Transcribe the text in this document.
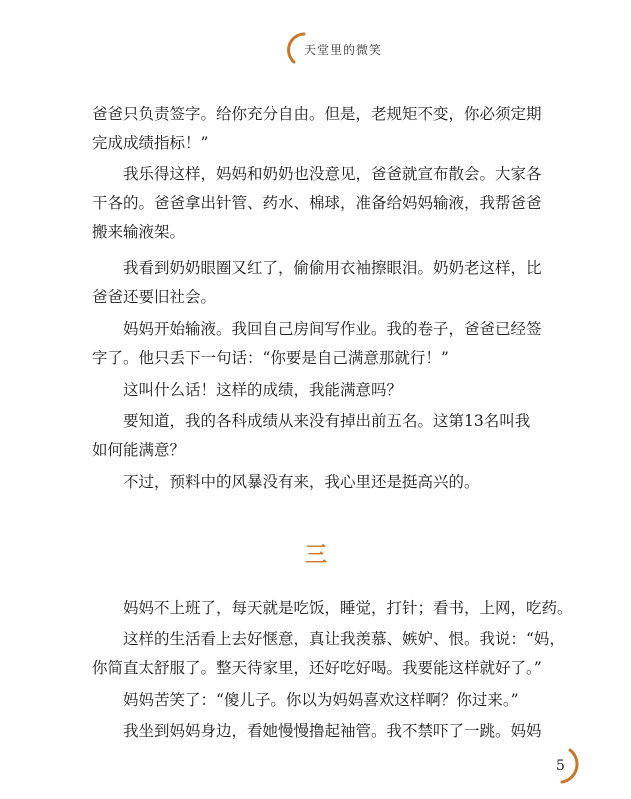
天堂里的微笑

爸爸只负责签字。给你充分自由。但是，老规矩不变，你必须定期

完成成绩指标！”

我乐得这样，妈妈和奶奶也没意见，爸爸就宣布散会。大家各

干各的。爸爸拿出针管、药水、棉球，准备给妈妈输液，我帮爸爸

搬来输液架。

我看到奶奶眼圈又红了，偷偷用衣袖擦眼泪。奶奶老这样，比

爸爸还要旧社会。

妈妈开始输液。我回自己房间写作业。我的卷子，爸爸已经签

字了。他只丢下一句话：“你要是自己满意那就行！”

这叫什么话！这样的成绩，我能满意吗？

要知道，我的各科成绩从来没有掉出前五名。这第13名叫我

如何能满意？

不过，预料中的风暴没有来，我心里还是挺高兴的。

三

妈妈不上班了，每天就是吃饭，睡觉，打针；看书，上网，吃药。

这样的生活看上去好惬意，真让我羡慕、嫉妒、恨。我说：“妈，

你简直太舒服了。整天待家里，还好吃好喝。我要能这样就好了。”

妈妈苦笑了：“傻儿子。你以为妈妈喜欢这样啊？你过来。”

我坐到妈妈身边，看她慢慢撸起袖管。我不禁吓了一跳。妈妈

5
